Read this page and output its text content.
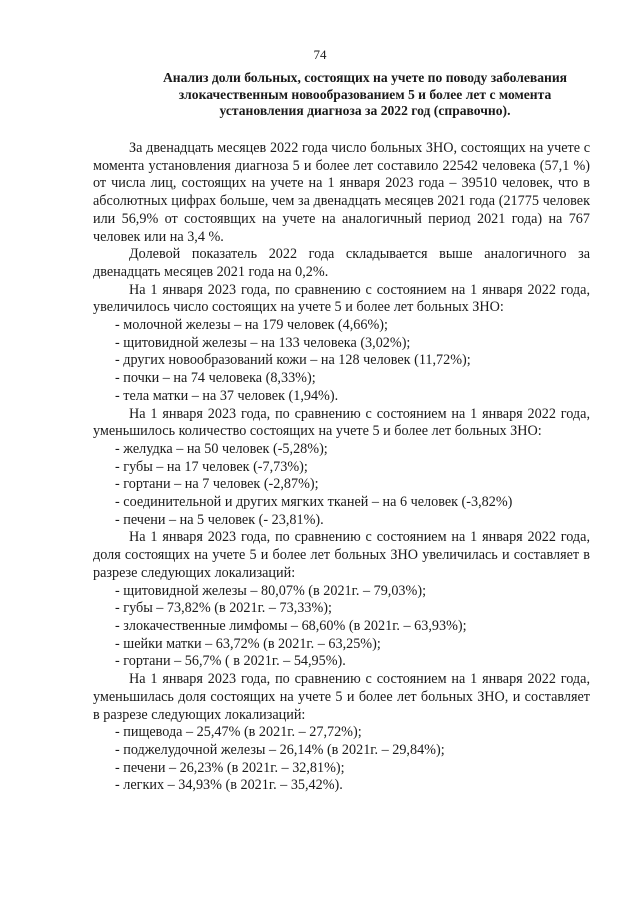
74
Анализ доли больных, состоящих на учете по поводу заболевания
злокачественным новообразованием 5 и более лет с момента
установления диагноза за 2022 год (справочно).

За двенадцать месяцев 2022 года число больных ЗНО, состоящих на учете с момента установления диагноза 5 и более лет составило 22542 человека (57,1 %) от числа лиц, состоящих на учете на 1 января 2023 года – 39510 человек, что в абсолютных цифрах больше, чем за двенадцать месяцев 2021 года (21775 человек или 56,9% от состоявщих на учете на аналогичный период 2021 года) на 767 человек или на 3,4 %.

Долевой показатель 2022 года складывается выше аналогичного за двенадцать месяцев 2021 года на 0,2%.

На 1 января 2023 года, по сравнению с состоянием на 1 января 2022 года, увеличилось число состоящих на учете 5 и более лет больных ЗНО:

- молочной железы – на 179 человек (4,66%);
- щитовидной железы – на 133 человека (3,02%);
- других новообразований кожи – на 128 человек (11,72%);
- почки – на 74 человека (8,33%);
- тела матки – на 37 человек (1,94%).

На 1 января 2023 года, по сравнению с состоянием на 1 января 2022 года, уменьшилось количество состоящих на учете 5 и более лет больных ЗНО:

- желудка – на 50 человек (-5,28%);
- губы – на 17 человек (-7,73%);
- гортани – на 7 человек (-2,87%);
- соединительной и других мягких тканей – на 6 человек (-3,82%)
- печени – на 5 человек (- 23,81%).

На 1 января 2023 года, по сравнению с состоянием на 1 января 2022 года, доля состоящих на учете 5 и более лет больных ЗНО увеличилась и составляет в разрезе следующих локализаций:

- щитовидной железы – 80,07% (в 2021г. – 79,03%);
- губы – 73,82% (в 2021г. – 73,33%);
- злокачественные лимфомы – 68,60% (в 2021г. – 63,93%);
- шейки матки – 63,72% (в 2021г. – 63,25%);
- гортани – 56,7% ( в 2021г. – 54,95%).

На 1 января 2023 года, по сравнению с состоянием на 1 января 2022 года, уменьшилась доля состоящих на учете 5 и более лет больных ЗНО, и составляет в разрезе следующих локализаций:

- пищевода – 25,47% (в 2021г. – 27,72%);
- поджелудочной железы – 26,14% (в 2021г. – 29,84%);
- печени – 26,23% (в 2021г. – 32,81%);
- легких – 34,93% (в 2021г. – 35,42%).
